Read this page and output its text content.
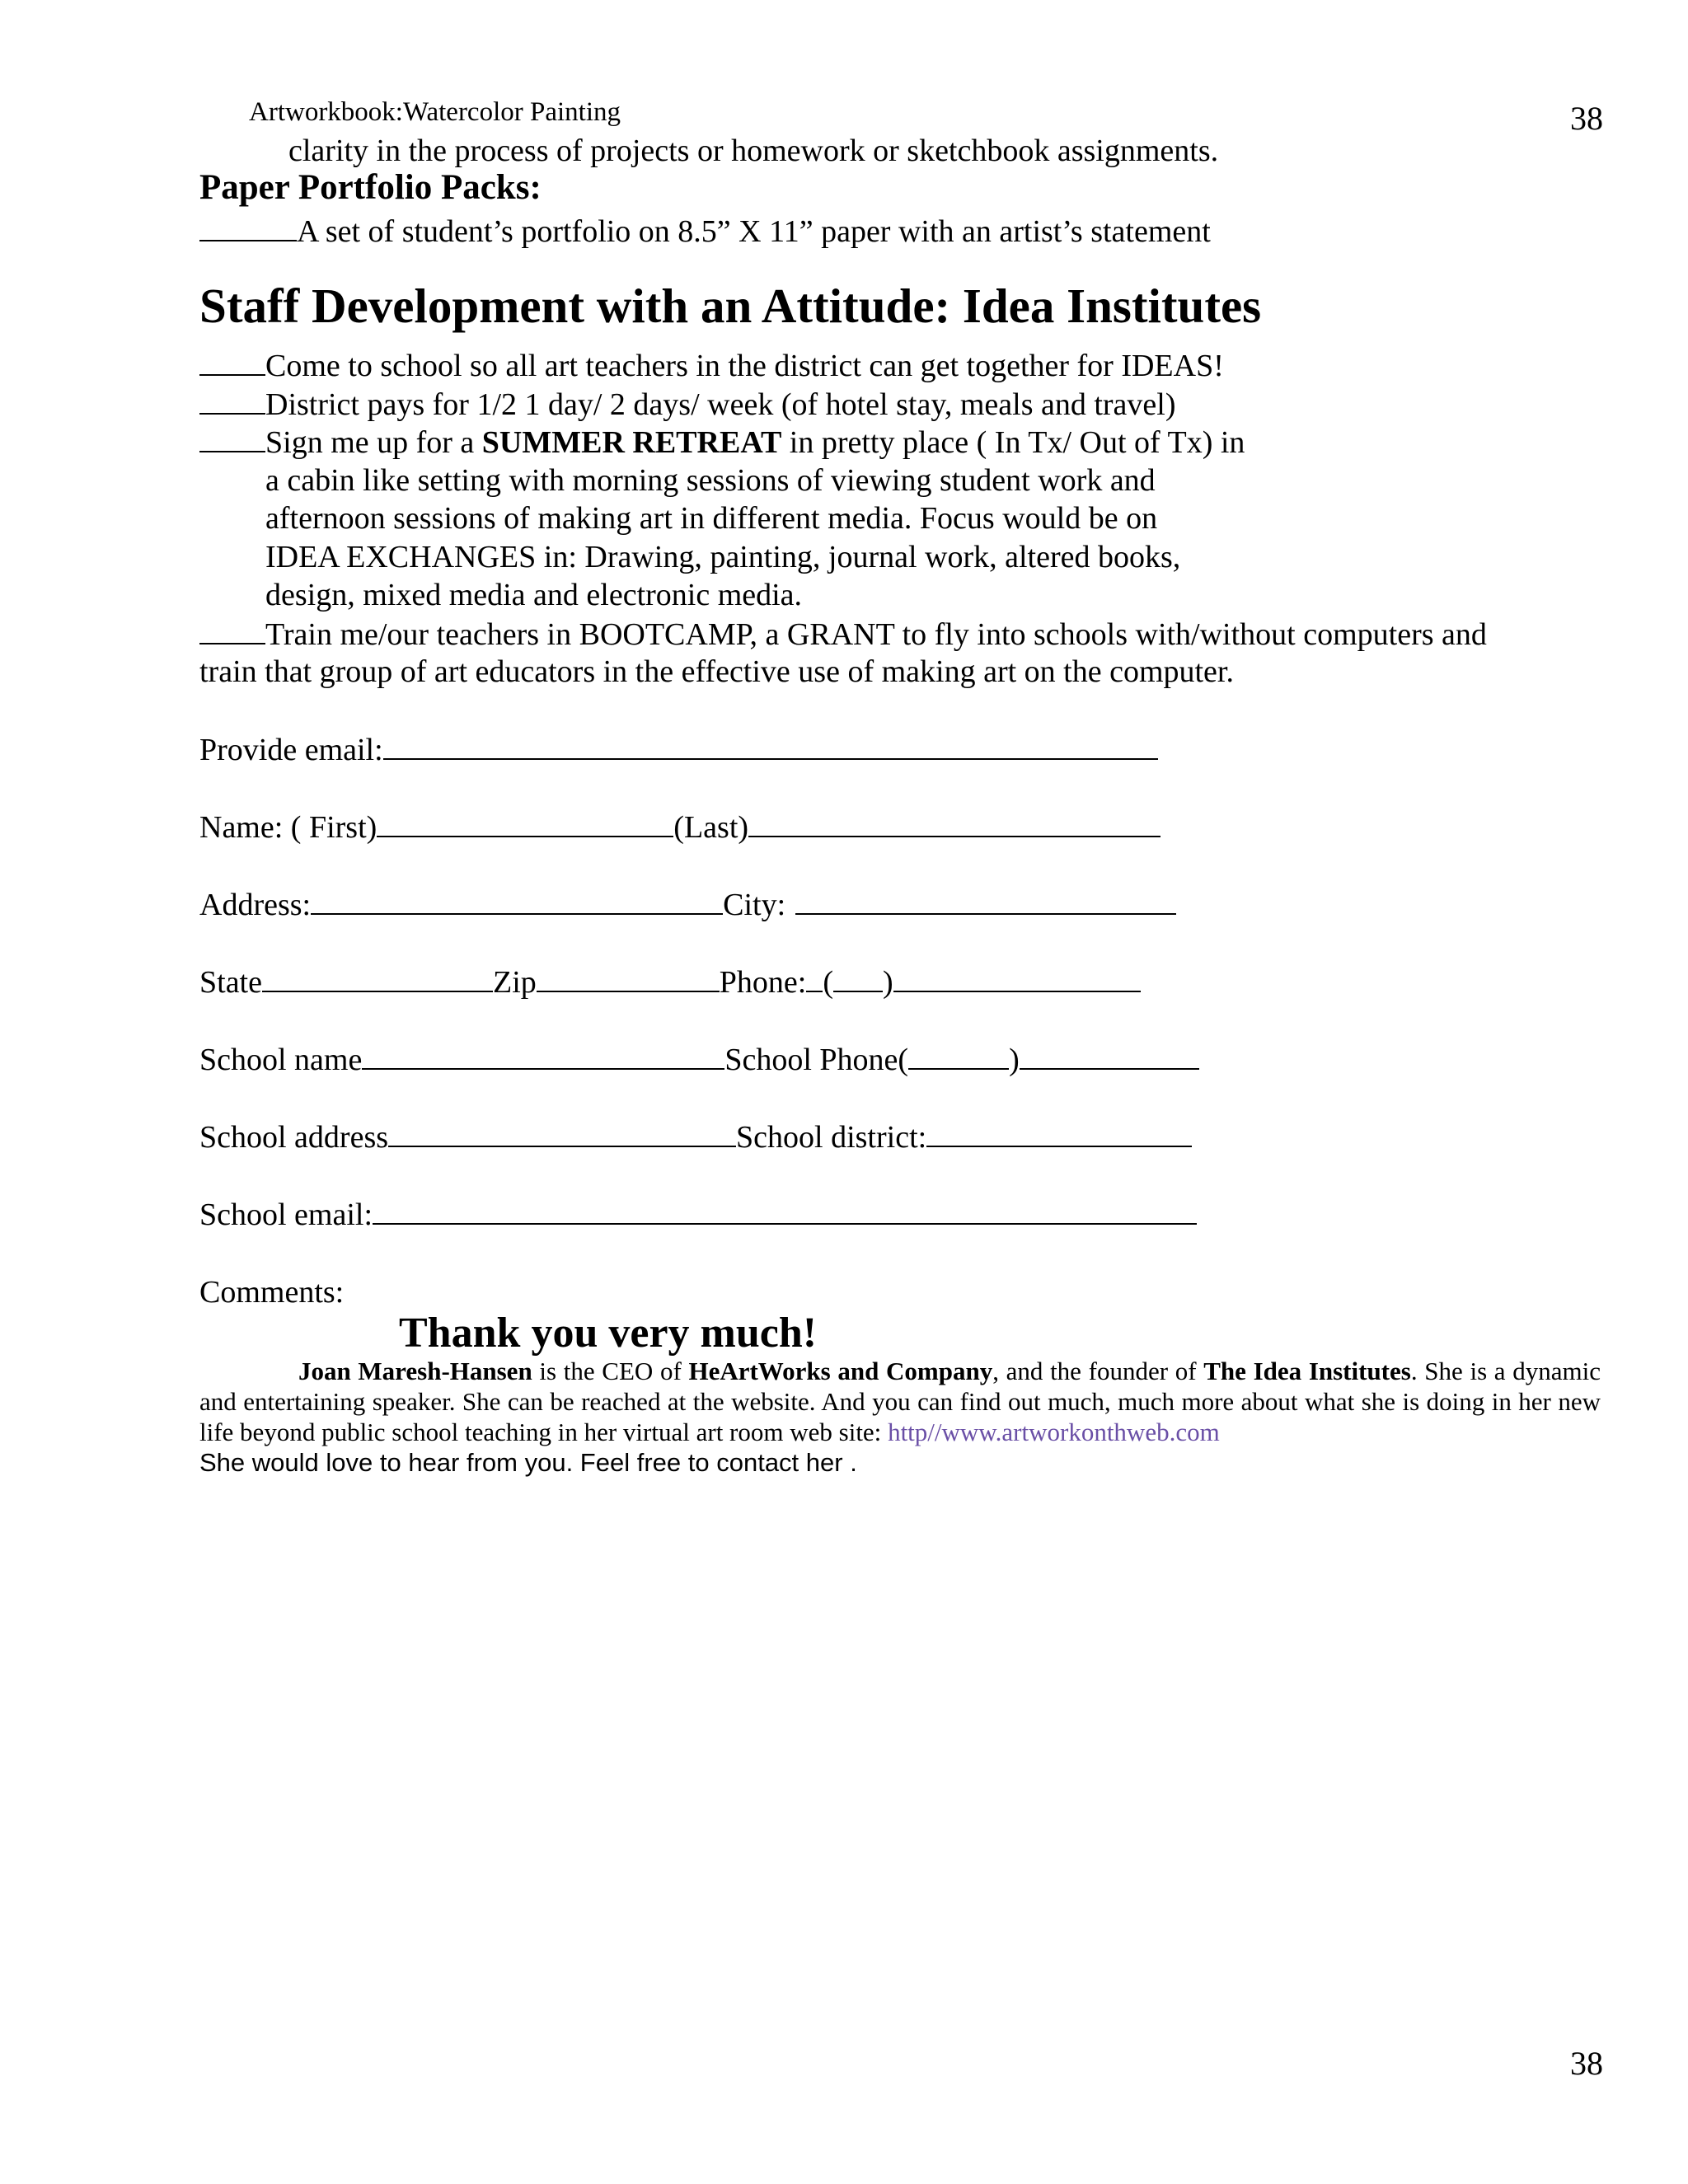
Artworkbook:Watercolor Painting	38
clarity in the process of projects or homework or sketchbook assignments.
Paper Portfolio Packs:
A set of student’s portfolio on 8.5” X 11” paper with an artist’s statement
Staff Development with an Attitude: Idea Institutes
Come to school so all art teachers in the district can get together for IDEAS!
District pays for 1/2 1 day/ 2 days/ week (of hotel stay, meals and travel)
Sign me up for a SUMMER RETREAT in pretty place ( In Tx/ Out of Tx) in
a cabin like setting with morning sessions of viewing student work and
afternoon sessions of making art in different media. Focus would be on
IDEA EXCHANGES in: Drawing, painting, journal work, altered books,
design, mixed media and electronic media.
Train me/our teachers in BOOTCAMP, a GRANT to fly into schools with/without computers and
train that group of art educators in the effective use of making art on the computer.
Provide email:
Name: ( First)	(Last)
Address:	City:
State	Zip	Phone: ( )
School name	School Phone(	)
School address	School district:
School email:
Comments:
Thank you very much!

Joan Maresh-Hansen is the CEO of HeArtWorks and Company, and the founder of The Idea Institutes. She is a dynamic and entertaining speaker. She can be reached at the website. And you can find out much, much more about what she is doing in her new life beyond public school teaching in her virtual art room web site: http//www.artworkonthweb.com

She would love to hear from you. Feel free to contact her .
38
